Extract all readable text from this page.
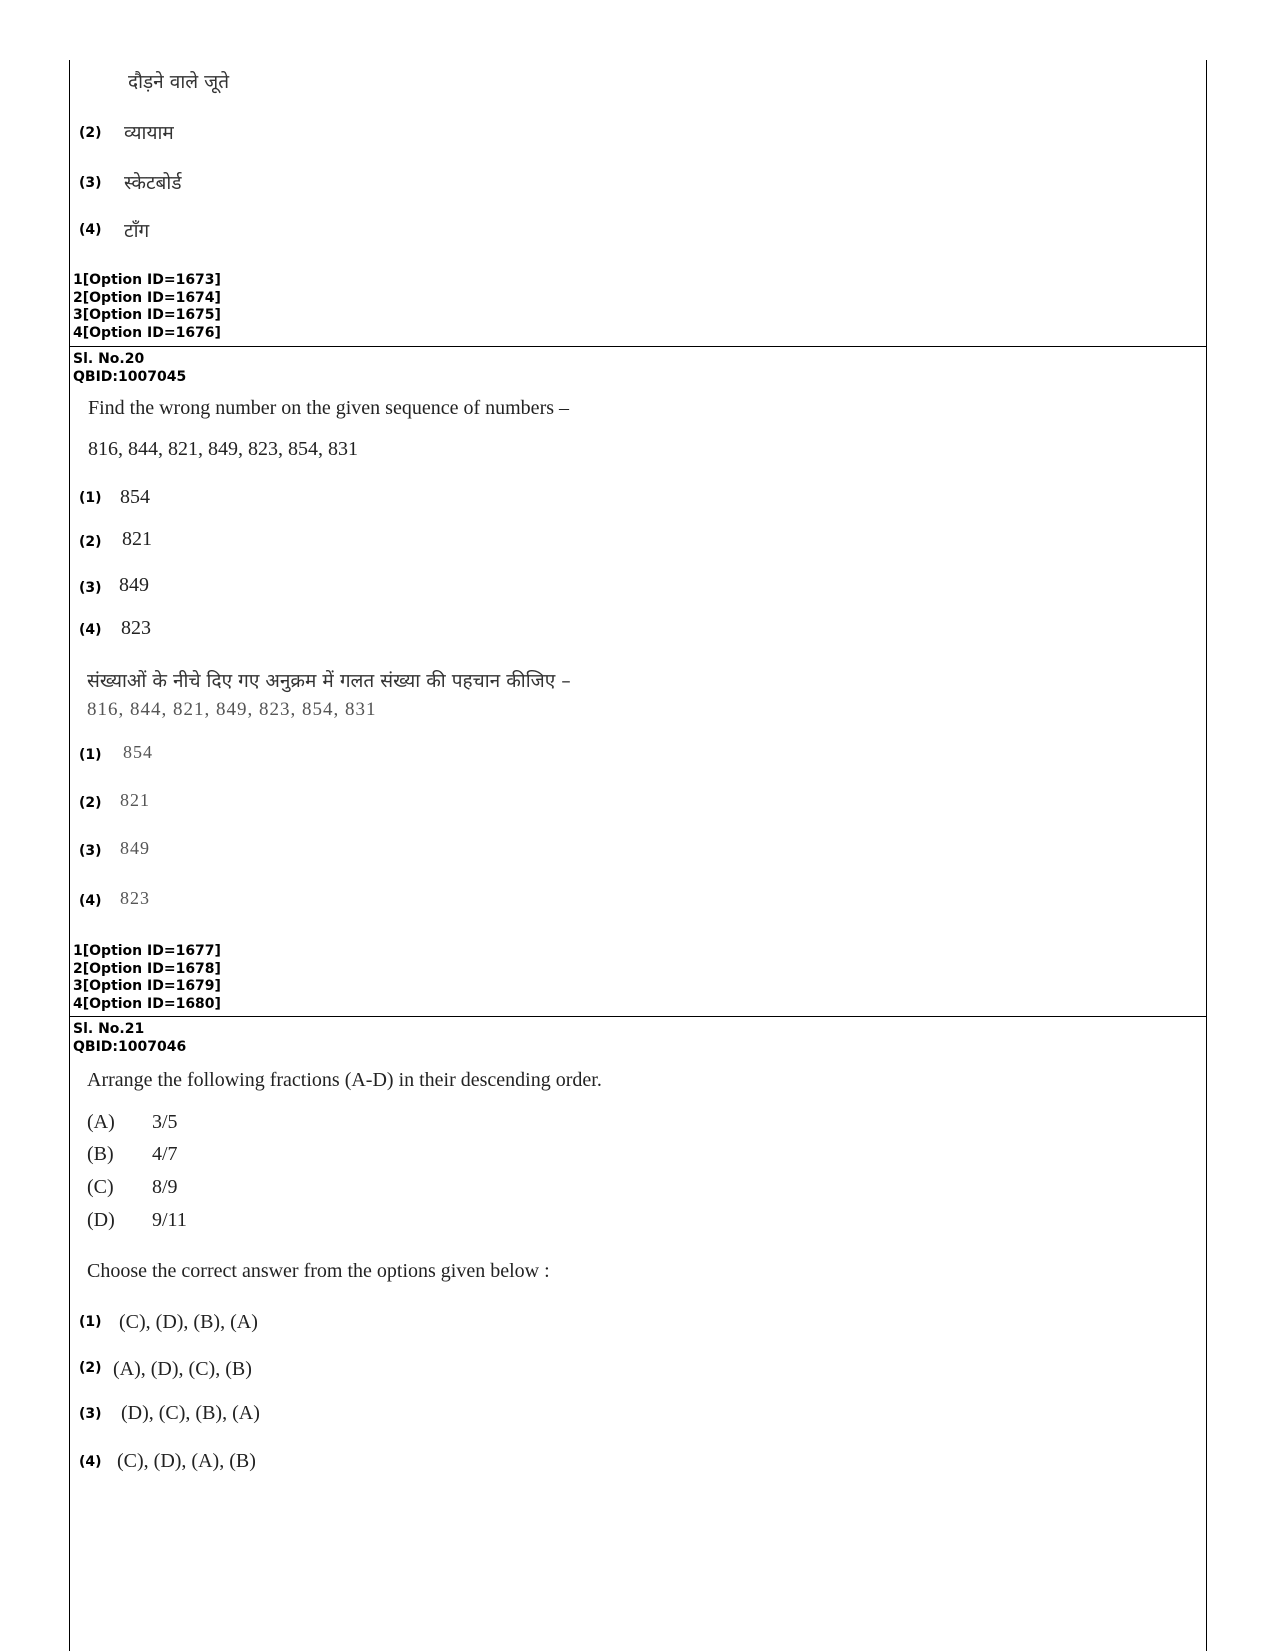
दौड़ने वाले जूते
(2) व्यायाम
(3) स्केटबोर्ड
(4) टाँग
1[Option ID=1673]
2[Option ID=1674]
3[Option ID=1675]
4[Option ID=1676]
Sl. No.20
QBID:1007045
Find the wrong number on the given sequence of numbers –
816, 844, 821, 849, 823, 854, 831
(1) 854
(2) 821
(3) 849
(4) 823
संख्याओं के नीचे दिए गए अनुक्रम में गलत संख्या की पहचान कीजिए –
816, 844, 821, 849, 823, 854, 831
(1) 854
(2) 821
(3) 849
(4) 823
1[Option ID=1677]
2[Option ID=1678]
3[Option ID=1679]
4[Option ID=1680]
Sl. No.21
QBID:1007046
Arrange the following fractions (A-D) in their descending order.
(A) 3/5
(B) 4/7
(C) 8/9
(D) 9/11
Choose the correct answer from the options given below :
(1) (C), (D), (B), (A)
(2) (A), (D), (C), (B)
(3) (D), (C), (B), (A)
(4) (C), (D), (A), (B)
